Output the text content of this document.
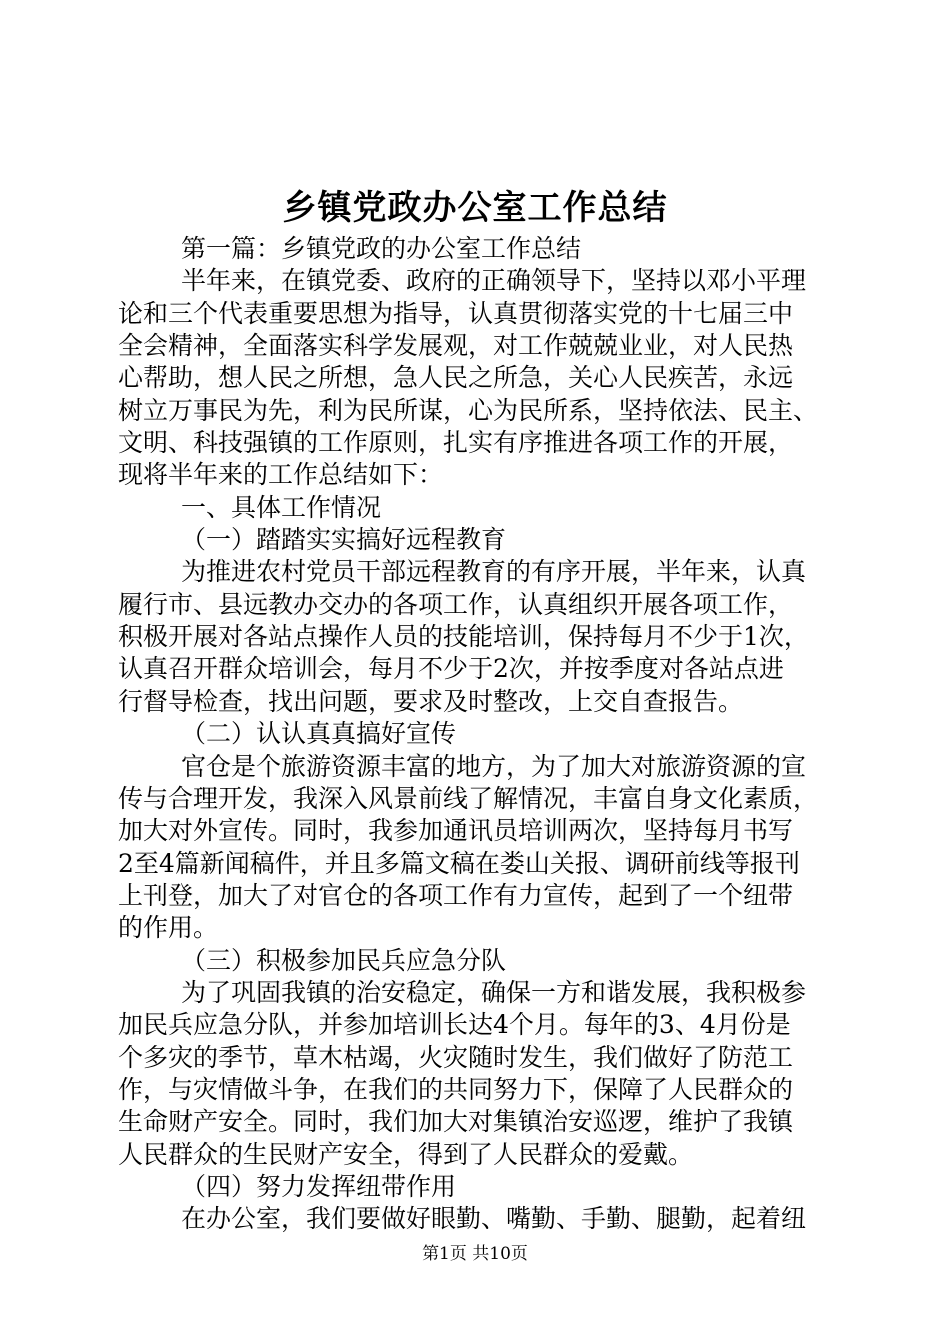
乡镇党政办公室工作总结

第一篇：乡镇党政的办公室工作总结

半年来，在镇党委、政府的正确领导下，坚持以邓小平理

论和三个代表重要思想为指导，认真贯彻落实党的十七届三中

全会精神，全面落实科学发展观，对工作兢兢业业，对人民热

心帮助，想人民之所想，急人民之所急，关心人民疾苦，永远

树立万事民为先，利为民所谋，心为民所系，坚持依法、民主、

文明、科技强镇的工作原则，扎实有序推进各项工作的开展，

现将半年来的工作总结如下：

一、具体工作情况

（一）踏踏实实搞好远程教育

为推进农村党员干部远程教育的有序开展，半年来，认真

履行市、县远教办交办的各项工作，认真组织开展各项工作，

积极开展对各站点操作人员的技能培训，保持每月不少于1次，

认真召开群众培训会，每月不少于2次，并按季度对各站点进

行督导检查，找出问题，要求及时整改，上交自查报告。

（二）认认真真搞好宣传

官仓是个旅游资源丰富的地方，为了加大对旅游资源的宣

传与合理开发，我深入风景前线了解情况，丰富自身文化素质，

加大对外宣传。同时，我参加通讯员培训两次，坚持每月书写

2至4篇新闻稿件，并且多篇文稿在娄山关报、调研前线等报刊

上刊登，加大了对官仓的各项工作有力宣传，起到了一个纽带

的作用。

（三）积极参加民兵应急分队

为了巩固我镇的治安稳定，确保一方和谐发展，我积极参

加民兵应急分队，并参加培训长达4个月。每年的3、4月份是

个多灾的季节，草木枯竭，火灾随时发生，我们做好了防范工

作，与灾情做斗争，在我们的共同努力下，保障了人民群众的

生命财产安全。同时，我们加大对集镇治安巡逻，维护了我镇

人民群众的生民财产安全，得到了人民群众的爱戴。

（四）努力发挥纽带作用

在办公室，我们要做好眼勤、嘴勤、手勤、腿勤，起着纽

第1页 共10页
